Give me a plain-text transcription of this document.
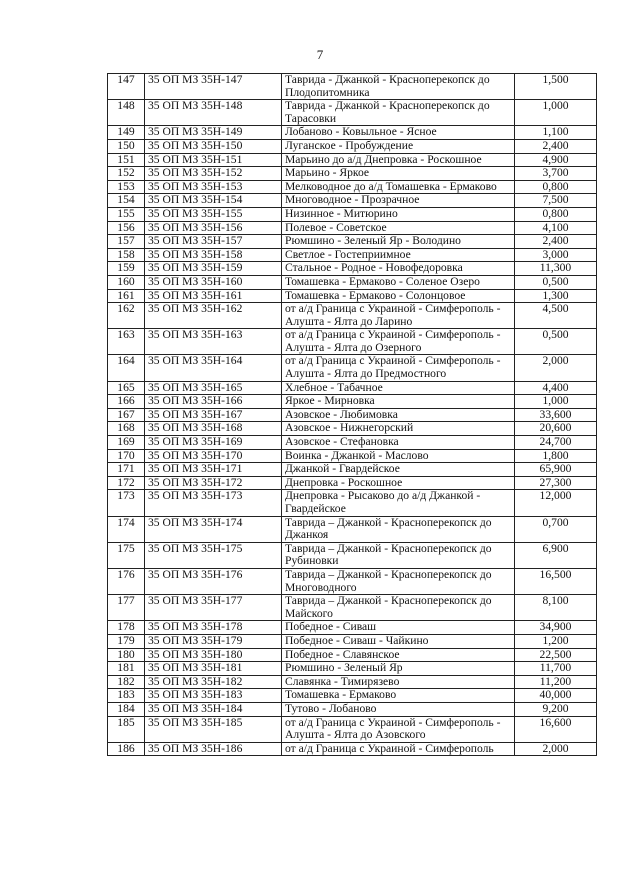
7
147	35 ОП МЗ 35Н-147	Таврида - Джанкой - Красноперекопск до Плодопитомника	1,500
148	35 ОП МЗ 35Н-148	Таврида - Джанкой - Красноперекопск до Тарасовки	1,000
149	35 ОП МЗ 35Н-149	Лобаново - Ковыльное - Ясное	1,100
150	35 ОП МЗ 35Н-150	Луганское - Пробуждение	2,400
151	35 ОП МЗ 35Н-151	Марьино до а/д Днепровка - Роскошное	4,900
152	35 ОП МЗ 35Н-152	Марьино - Яркое	3,700
153	35 ОП МЗ 35Н-153	Мелководное до а/д Томашевка - Ермаково	0,800
154	35 ОП МЗ 35Н-154	Многоводное - Прозрачное	7,500
155	35 ОП МЗ 35Н-155	Низинное - Митюрино	0,800
156	35 ОП МЗ 35Н-156	Полевое - Советское	4,100
157	35 ОП МЗ 35Н-157	Рюмшино - Зеленый Яр - Володино	2,400
158	35 ОП МЗ 35Н-158	Светлое - Гостеприимное	3,000
159	35 ОП МЗ 35Н-159	Стальное - Родное - Новофедоровка	11,300
160	35 ОП МЗ 35Н-160	Томашевка - Ермаково - Соленое Озеро	0,500
161	35 ОП МЗ 35Н-161	Томашевка - Ермаково - Солонцовое	1,300
162	35 ОП МЗ 35Н-162	от а/д Граница с Украиной - Симферополь - Алушта - Ялта до Ларино	4,500
163	35 ОП МЗ 35Н-163	от а/д Граница с Украиной - Симферополь - Алушта - Ялта до Озерного	0,500
164	35 ОП МЗ 35Н-164	от а/д Граница с Украиной - Симферополь - Алушта - Ялта до Предмостного	2,000
165	35 ОП МЗ 35Н-165	Хлебное - Табачное	4,400
166	35 ОП МЗ 35Н-166	Яркое - Мирновка	1,000
167	35 ОП МЗ 35Н-167	Азовское - Любимовка	33,600
168	35 ОП МЗ 35Н-168	Азовское - Нижнегорский	20,600
169	35 ОП МЗ 35Н-169	Азовское - Стефановка	24,700
170	35 ОП МЗ 35Н-170	Воинка - Джанкой - Маслово	1,800
171	35 ОП МЗ 35Н-171	Джанкой - Гвардейское	65,900
172	35 ОП МЗ 35Н-172	Днепровка - Роскошное	27,300
173	35 ОП МЗ 35Н-173	Днепровка - Рысаково до а/д Джанкой - Гвардейское	12,000
174	35 ОП МЗ 35Н-174	Таврида – Джанкой - Красноперекопск до Джанкоя	0,700
175	35 ОП МЗ 35Н-175	Таврида – Джанкой - Красноперекопск до Рубиновки	6,900
176	35 ОП МЗ 35Н-176	Таврида – Джанкой - Красноперекопск до Многоводного	16,500
177	35 ОП МЗ 35Н-177	Таврида – Джанкой - Красноперекопск до Майского	8,100
178	35 ОП МЗ 35Н-178	Победное - Сиваш	34,900
179	35 ОП МЗ 35Н-179	Победное - Сиваш - Чайкино	1,200
180	35 ОП МЗ 35Н-180	Победное - Славянское	22,500
181	35 ОП МЗ 35Н-181	Рюмшино - Зеленый Яр	11,700
182	35 ОП МЗ 35Н-182	Славянка - Тимирязево	11,200
183	35 ОП МЗ 35Н-183	Томашевка - Ермаково	40,000
184	35 ОП МЗ 35Н-184	Тутово - Лобаново	9,200
185	35 ОП МЗ 35Н-185	от а/д Граница с Украиной - Симферополь - Алушта - Ялта до Азовского	16,600
186	35 ОП МЗ 35Н-186	от а/д Граница с Украиной - Симферополь	2,000
